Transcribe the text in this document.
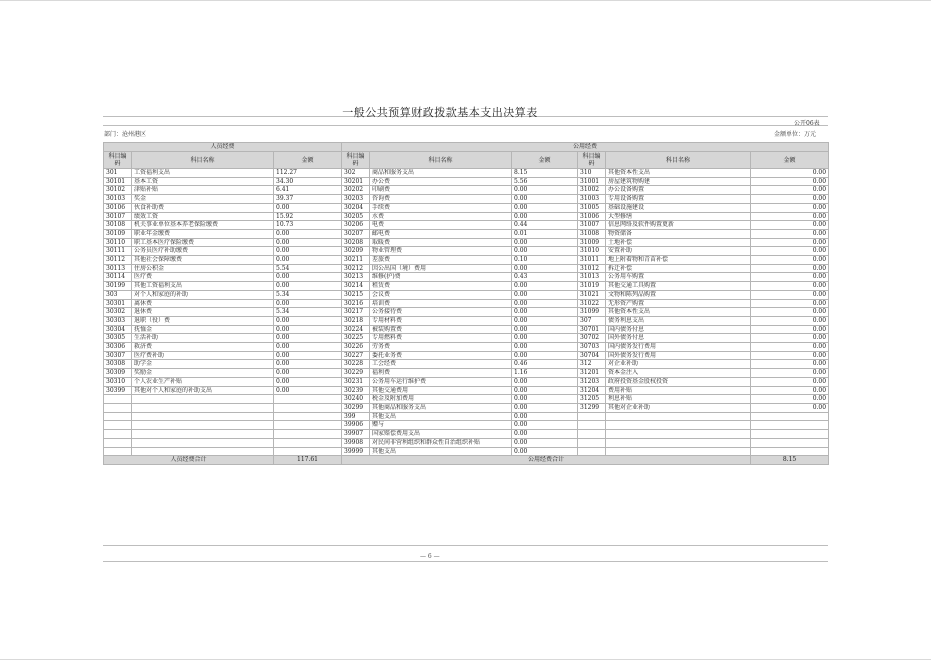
一般公共预算财政拨款基本支出决算表
公开06表
部门：沧州港区	金额单位：万元
人员经费			公用经费					
科目编码	科目名称	金额	科目编码	科目名称	金额	科目编码	科目名称	金额
301	工资福利支出	112.27	302	商品和服务支出	8.15	310	其他资本性支出	0.00
30101	基本工资	34.30	30201	办公费	5.56	31001	房屋建筑物购建	0.00
30102	津贴补贴	6.41	30202	印刷费	0.00	31002	办公设备购置	0.00
30103	奖金	39.37	30203	咨询费	0.00	31003	专用设备购置	0.00
30106	伙食补助费	0.00	30204	手续费	0.00	31005	基础设施建设	0.00
30107	绩效工资	15.92	30205	水费	0.00	31006	大型修缮	0.00
30108	机关事业单位基本养老保险缴费	10.73	30206	电费	0.44	31007	信息网络及软件购置更新	0.00
30109	职业年金缴费	0.00	30207	邮电费	0.01	31008	物资储备	0.00
30110	职工基本医疗保险缴费	0.00	30208	取暖费	0.00	31009	土地补偿	0.00
30111	公务员医疗补助缴费	0.00	30209	物业管理费	0.00	31010	安置补助	0.00
30112	其他社会保障缴费	0.00	30211	差旅费	0.10	31011	地上附着物和青苗补偿	0.00
30113	住房公积金	5.54	30212	因公出国（境）费用	0.00	31012	拆迁补偿	0.00
30114	医疗费	0.00	30213	维修(护)费	0.43	31013	公务用车购置	0.00
30199	其他工资福利支出	0.00	30214	租赁费	0.00	31019	其他交通工具购置	0.00
303	对个人和家庭的补助	5.34	30215	会议费	0.00	31021	文物和陈列品购置	0.00
30301	离休费	0.00	30216	培训费	0.00	31022	无形资产购置	0.00
30302	退休费	5.34	30217	公务接待费	0.00	31099	其他资本性支出	0.00
30303	退职（役）费	0.00	30218	专用材料费	0.00	307	债务利息支出	0.00
30304	抚恤金	0.00	30224	被装购置费	0.00	30701	国内债务付息	0.00
30305	生活补助	0.00	30225	专用燃料费	0.00	30702	国外债务付息	0.00
30306	救济费	0.00	30226	劳务费	0.00	30703	国内债务发行费用	0.00
30307	医疗费补助	0.00	30227	委托业务费	0.00	30704	国外债务发行费用	0.00
30308	助学金	0.00	30228	工会经费	0.46	312	对企业补助	0.00
30309	奖励金	0.00	30229	福利费	1.16	31201	资本金注入	0.00
30310	个人农业生产补贴	0.00	30231	公务用车运行维护费	0.00	31203	政府投资基金股权投资	0.00
30399	其他对个人和家庭的补助支出	0.00	30239	其他交通费用	0.00	31204	费用补贴	0.00
			30240	税金及附加费用	0.00	31205	利息补贴	0.00
			30299	其他商品和服务支出	0.00	31299	其他对企业补助	0.00
			399	其他支出	0.00			
			39906	赠与	0.00			
			39907	国家赔偿费用支出	0.00			
			39908	对民间非营利组织和群众性自治组织补贴	0.00			
			39999	其他支出	0.00			
人员经费合计		117.61	公用经费合计					8.15
— 6 —
